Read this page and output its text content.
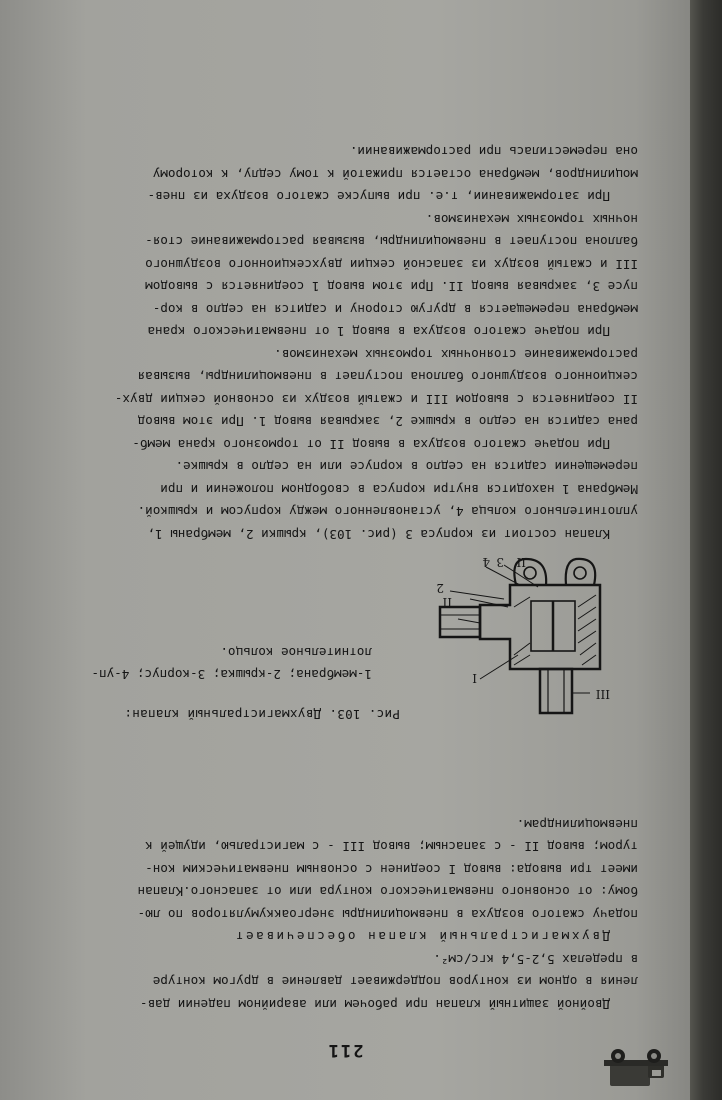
211
Двойной защитный клапан при рабочем или аварийном падении дав-
ления в одном из контуров поддерживает давление в другом контуре
в пределах 5,2-5,4 кгс/см².
Двухмагистральный клапан обеспечивает
подачу сжатого воздуха в пневмоцилиндры энергоаккумуляторов по лю-
бому: от основного пневматического контура или от запасного.Клапан
имеет три вывода: вывод I соединен с основным пневматическим кон-
туром; вывод II - с запасным; вывод III - с магистралью, идущей к
пневмоцилиндрам.
Рис. 103. Двухмагистральный клапан:
1-мембрана; 2-крышка; 3-корпус; 4-уп-
лотнительное кольцо.
III
I
II
2
3
4 II
Клапан состоит из корпуса 3 (рис. 103), крышки 2, мембраны 1,
уплотнительного кольца 4, установленного между корпусом и крышкой.
Мембрана 1 находится внутри корпуса в свободном положении и при
перемещении садится на седло в корпусе или на седло в крышке.
При подаче сжатого воздуха в вывод II от тормозного крана мемб-
рана садится на седло в крышке 2, закрывая вывод 1. При этом вывод
II соединяется с выводом III и сжатый воздух из основной секции двух-
секционного воздушного баллона поступает в пневмоцилиндры, вызывая
растормаживание стояночных тормозных механизмов.
При подаче сжатого воздуха в вывод 1 от пневматического крана
мембрана перемещается в другую сторону и садится на седло в кор-
пусе 3, закрывая вывод II. При этом вывод 1 соединяется с выводом
III и сжатый воздух из запасной секции двухсекционного воздушного
баллона поступает в пневмоцилиндры, вызывая растормаживание стоя-
ночных тормозных механизмов.
При затормаживании, т.е. при выпуске сжатого воздуха из пнев-
моцилиндров, мембрана остается прижатой к тому седлу, к которому
она переместилась при растормаживании.
